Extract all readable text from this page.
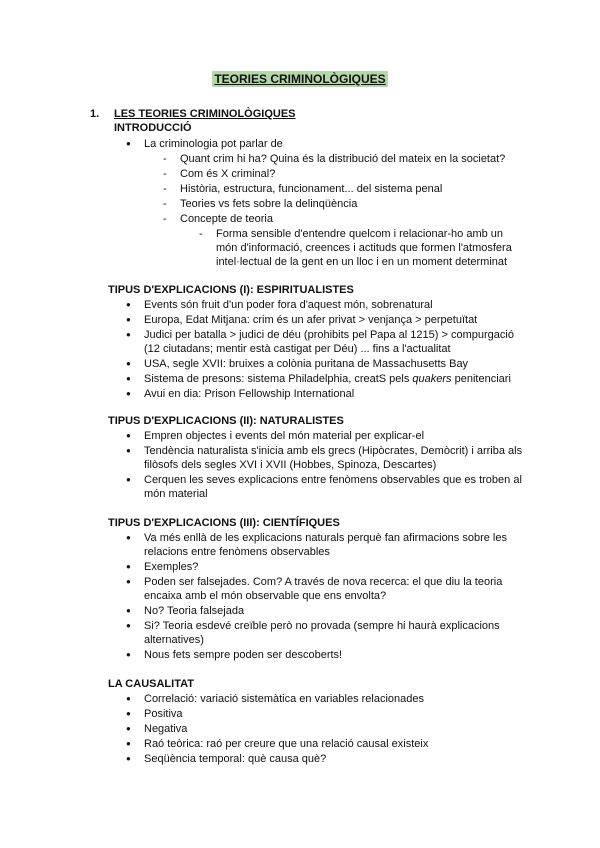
TEORIES CRIMINOLÒGIQUES
1. LES TEORIES CRIMINOLÒGIQUES
INTRODUCCIÓ
● La criminologia pot parlar de
- Quant crim hi ha? Quina és la distribució del mateix en la societat?
- Com és X criminal?
- Història, estructura, funcionament... del sistema penal
- Teories vs fets sobre la delinqüència
- Concepte de teoria
- Forma sensible d'entendre quelcom i relacionar-ho amb un
món d'informació, creences i actituds que formen l'atmosfera
intel·lectual de la gent en un lloc i en un moment determinat
TIPUS D'EXPLICACIONS (I): ESPIRITUALISTES
● Events són fruit d'un poder fora d'aquest món, sobrenatural
● Europa, Edat Mitjana: crim és un afer privat > venjança > perpetuïtat
● Judici per batalla > judici de déu (prohibits pel Papa al 1215) > compurgació
(12 ciutadans; mentir està castigat per Déu) ... fins a l'actualitat
● USA, segle XVII: bruixes a colònia puritana de Massachusetts Bay
● Sistema de presons: sistema Philadelphia, creatS pels quakers penitenciari
● Avui en dia: Prison Fellowship International
TIPUS D'EXPLICACIONS (II): NATURALISTES
● Empren objectes i events del món material per explicar-el
● Tendència naturalista s'inicia amb els grecs (Hipòcrates, Demòcrit) i arriba als
filòsofs dels segles XVI i XVII (Hobbes, Spinoza, Descartes)
● Cerquen les seves explicacions entre fenòmens observables que es troben al
món material
TIPUS D'EXPLICACIONS (III): CIENTÍFIQUES
● Va més enllà de les explicacions naturals perquè fan afirmacions sobre les
relacions entre fenòmens observables
● Exemples?
● Poden ser falsejades. Com? A través de nova recerca: el que diu la teoria
encaixa amb el món observable que ens envolta?
● No? Teoria falsejada
● Si? Teoria esdevé creïble però no provada (sempre hi haurà explicacions
alternatives)
● Nous fets sempre poden ser descoberts!
LA CAUSALITAT
● Correlació: variació sistemàtica en variables relacionades
● Positiva
● Negativa
● Raó teòrica: raó per creure que una relació causal existeix
● Seqüència temporal: què causa què?
